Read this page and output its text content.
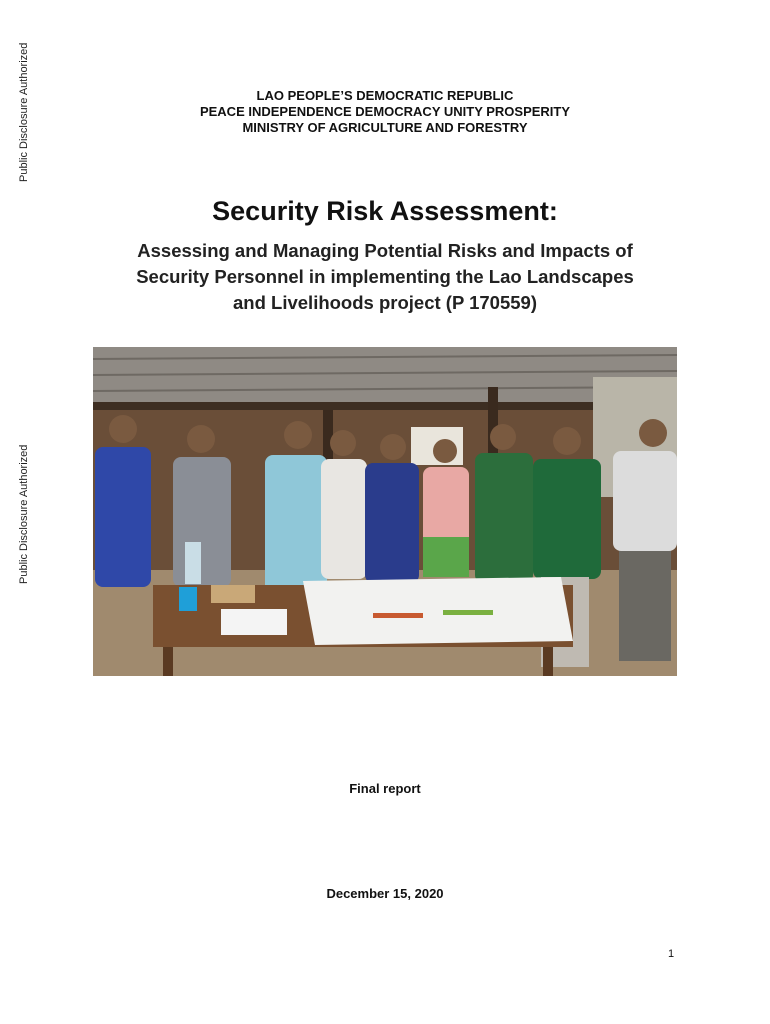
Public Disclosure Authorized
Public Disclosure Authorized
LAO PEOPLE’S DEMOCRATIC REPUBLIC
PEACE INDEPENDENCE DEMOCRACY UNITY PROSPERITY
MINISTRY OF AGRICULTURE AND FORESTRY
Security Risk Assessment:
Assessing and Managing Potential Risks and Impacts of
Security Personnel in implementing the Lao Landscapes
and Livelihoods project (P 170559)
Final report
December 15, 2020
1
